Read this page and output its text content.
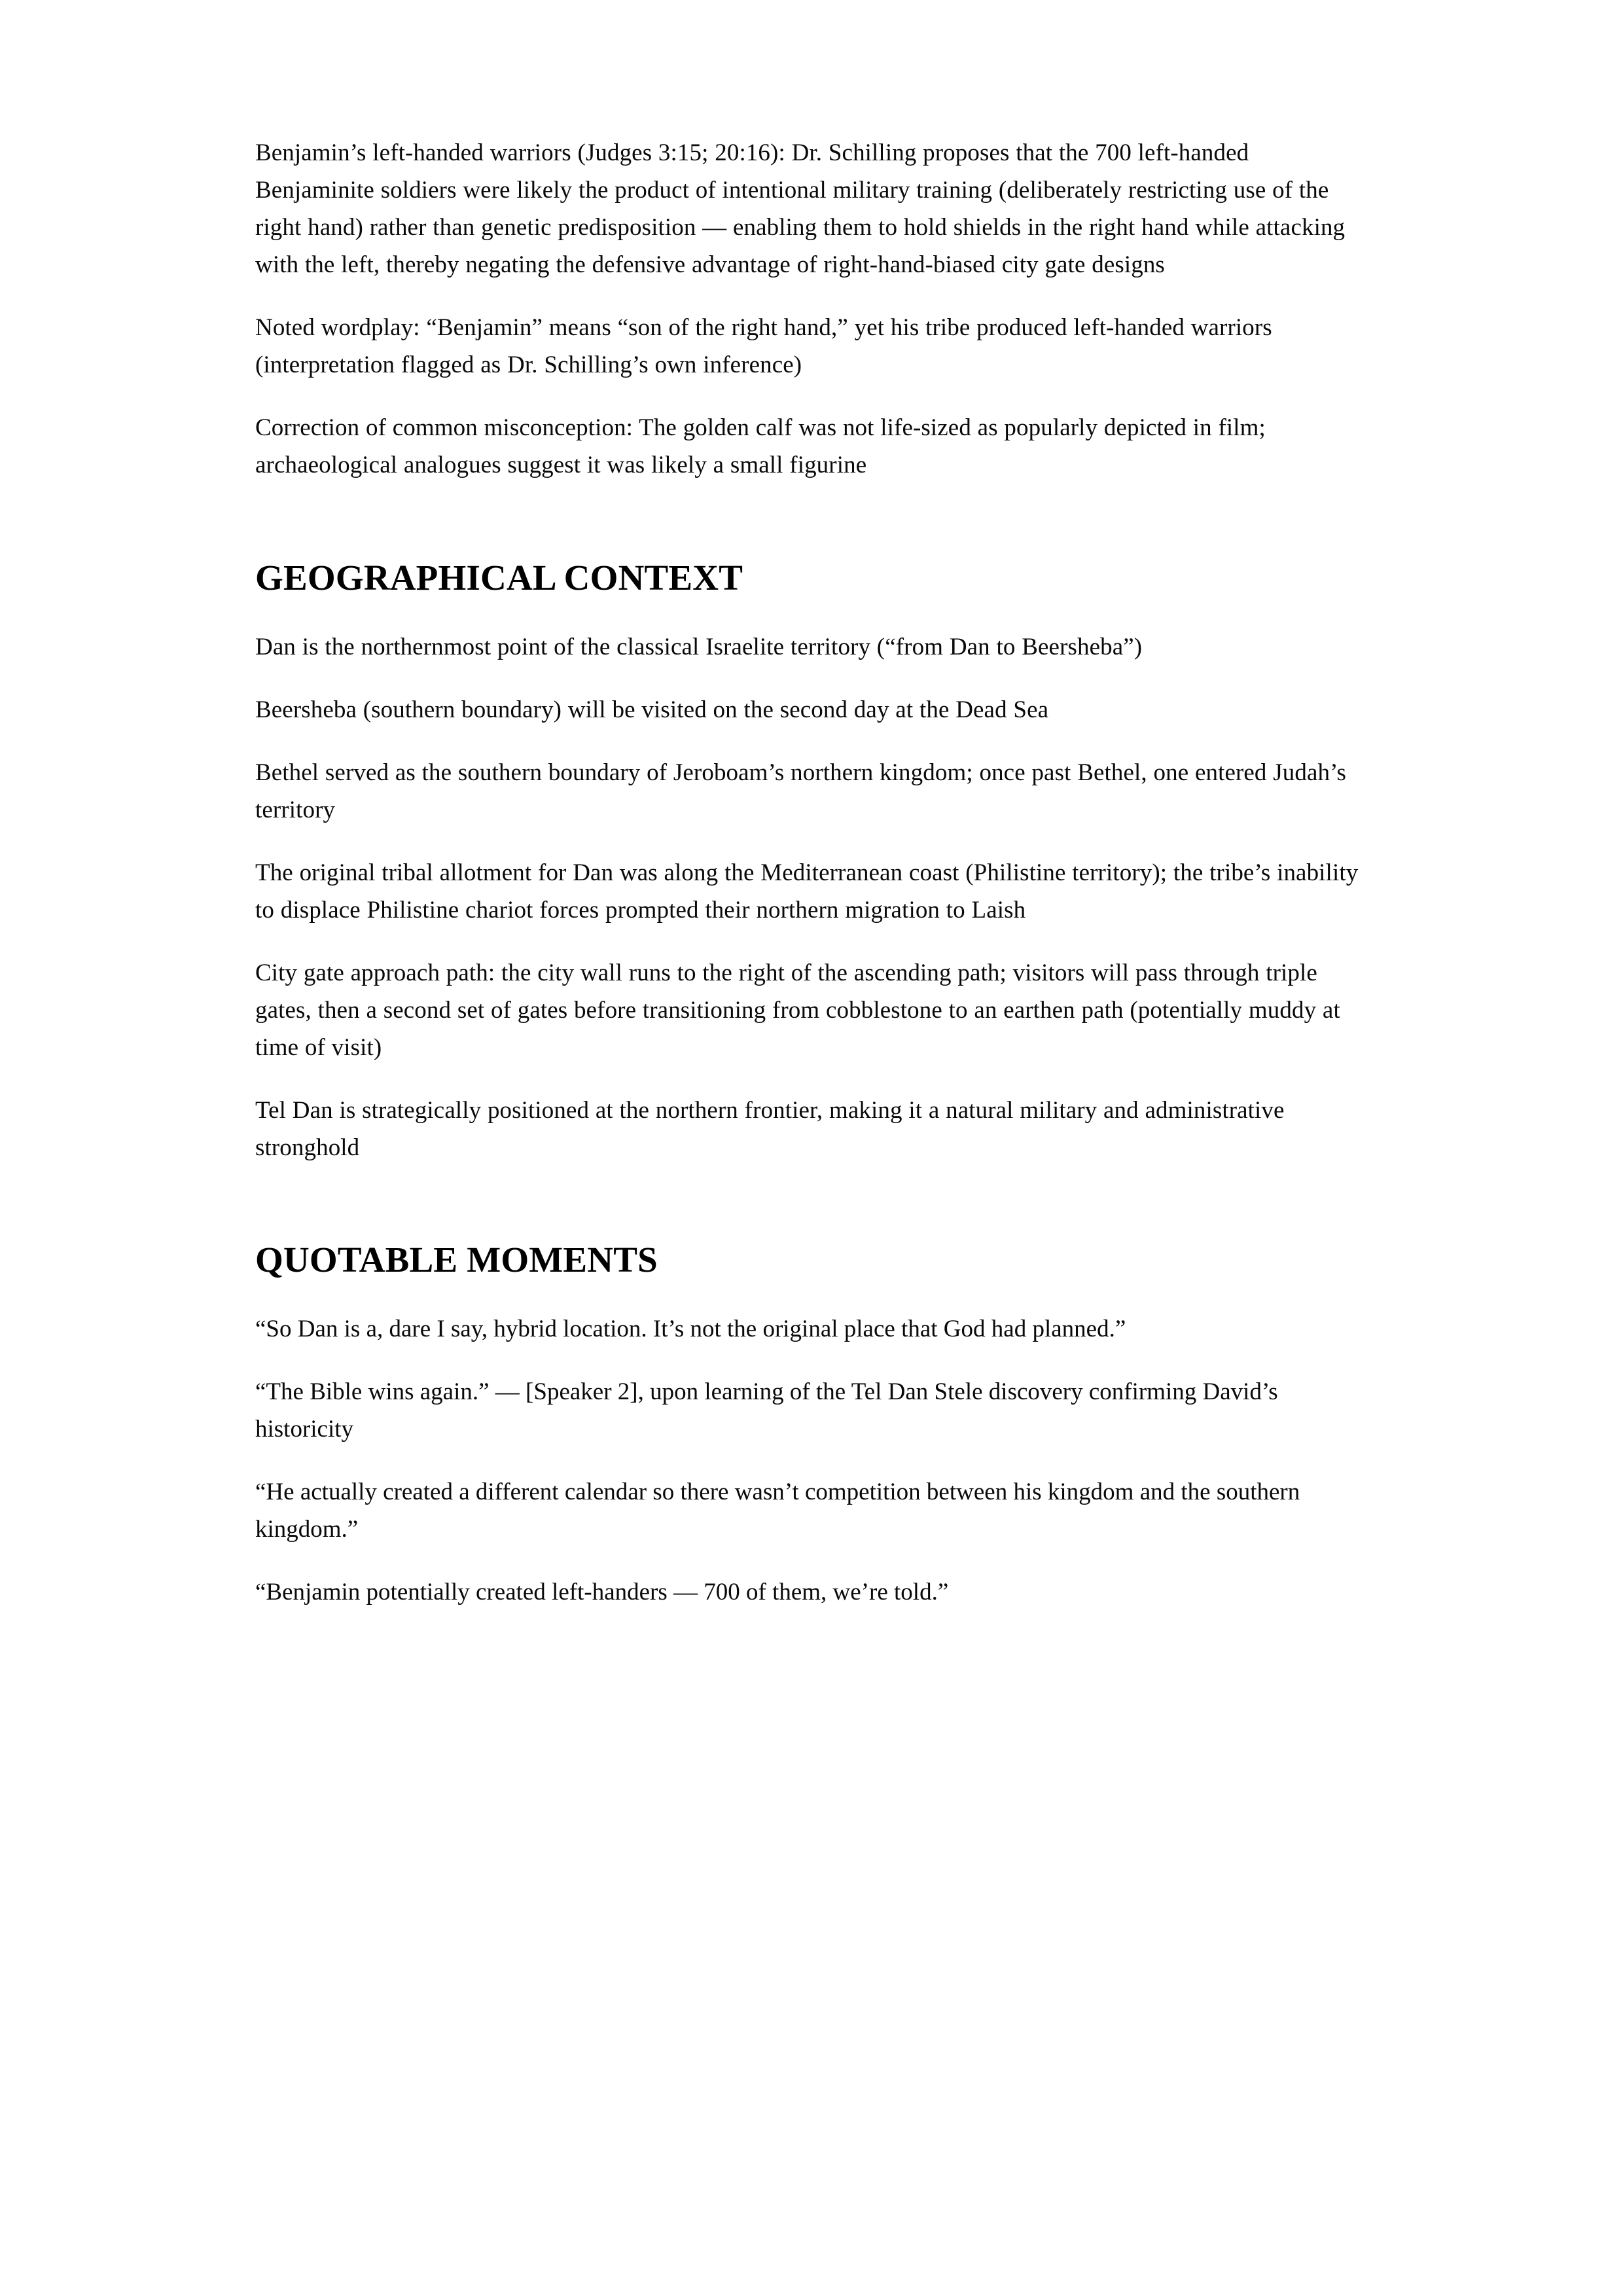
Benjamin’s left-handed warriors (Judges 3:15; 20:16): Dr. Schilling proposes that the 700 left-handed Benjaminite soldiers were likely the product of intentional military training (deliberately restricting use of the right hand) rather than genetic predisposition — enabling them to hold shields in the right hand while attacking with the left, thereby negating the defensive advantage of right-hand-biased city gate designs

Noted wordplay: “Benjamin” means “son of the right hand,” yet his tribe produced left-handed warriors (interpretation flagged as Dr. Schilling’s own inference)

Correction of common misconception: The golden calf was not life-sized as popularly depicted in film; archaeological analogues suggest it was likely a small figurine

GEOGRAPHICAL CONTEXT

Dan is the northernmost point of the classical Israelite territory (“from Dan to Beersheba”)

Beersheba (southern boundary) will be visited on the second day at the Dead Sea

Bethel served as the southern boundary of Jeroboam’s northern kingdom; once past Bethel, one entered Judah’s territory

The original tribal allotment for Dan was along the Mediterranean coast (Philistine territory); the tribe’s inability to displace Philistine chariot forces prompted their northern migration to Laish

City gate approach path: the city wall runs to the right of the ascending path; visitors will pass through triple gates, then a second set of gates before transitioning from cobblestone to an earthen path (potentially muddy at time of visit)

Tel Dan is strategically positioned at the northern frontier, making it a natural military and administrative stronghold

QUOTABLE MOMENTS

“So Dan is a, dare I say, hybrid location. It’s not the original place that God had planned.”

“The Bible wins again.” — [Speaker 2], upon learning of the Tel Dan Stele discovery confirming David’s historicity

“He actually created a different calendar so there wasn’t competition between his kingdom and the southern kingdom.”

“Benjamin potentially created left-handers — 700 of them, we’re told.”
